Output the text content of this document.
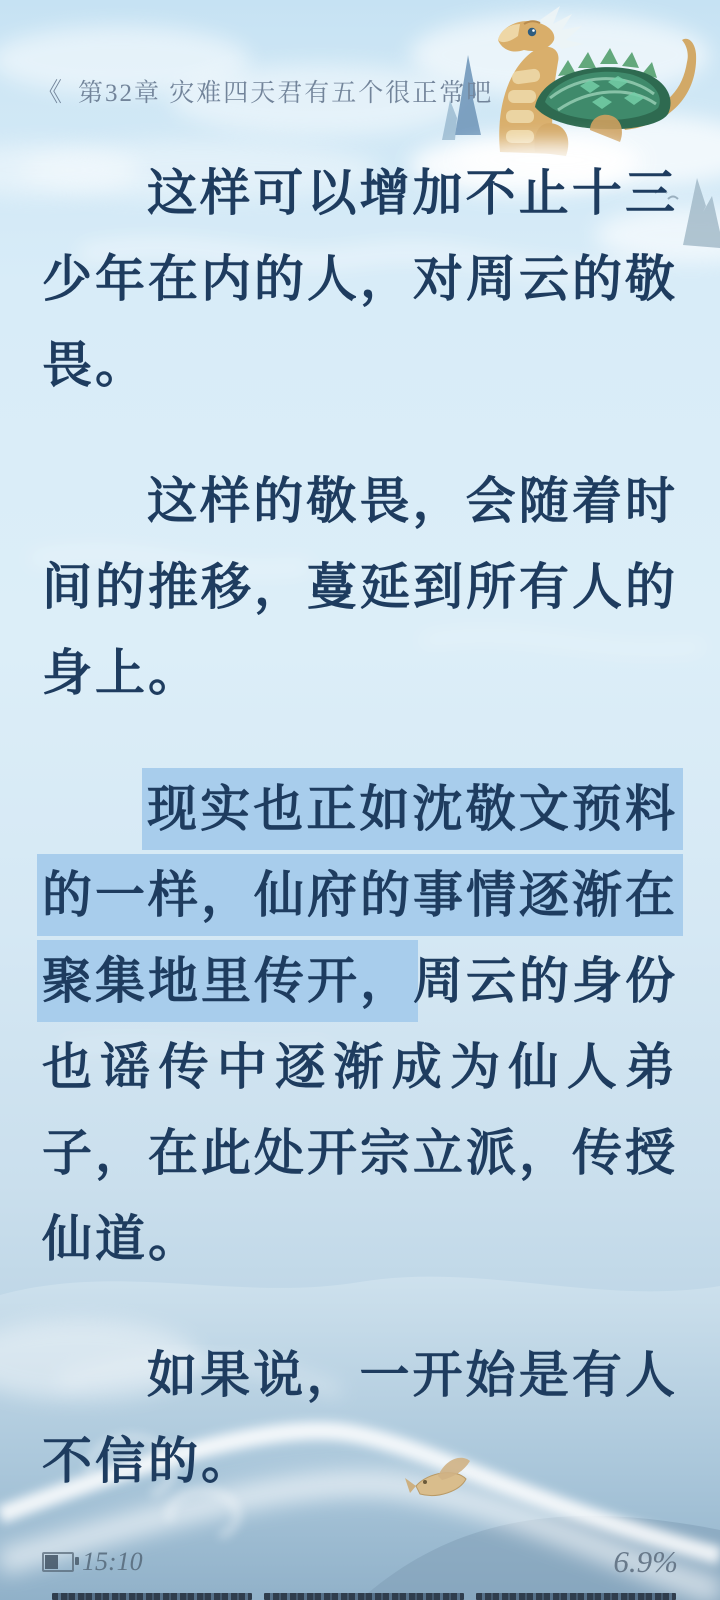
《 第32章 灾难四天君有五个很正常吧

这样可以增加不止十三少年在内的人，对周云的敬畏。

这样的敬畏，会随着时间的推移，蔓延到所有人的身上。

现实也正如沈敬文预料的一样，仙府的事情逐渐在聚集地里传开，周云的身份也谣传中逐渐成为仙人弟子，在此处开宗立派，传授仙道。

如果说，一开始是有人不信的。

15:10	6.9%
